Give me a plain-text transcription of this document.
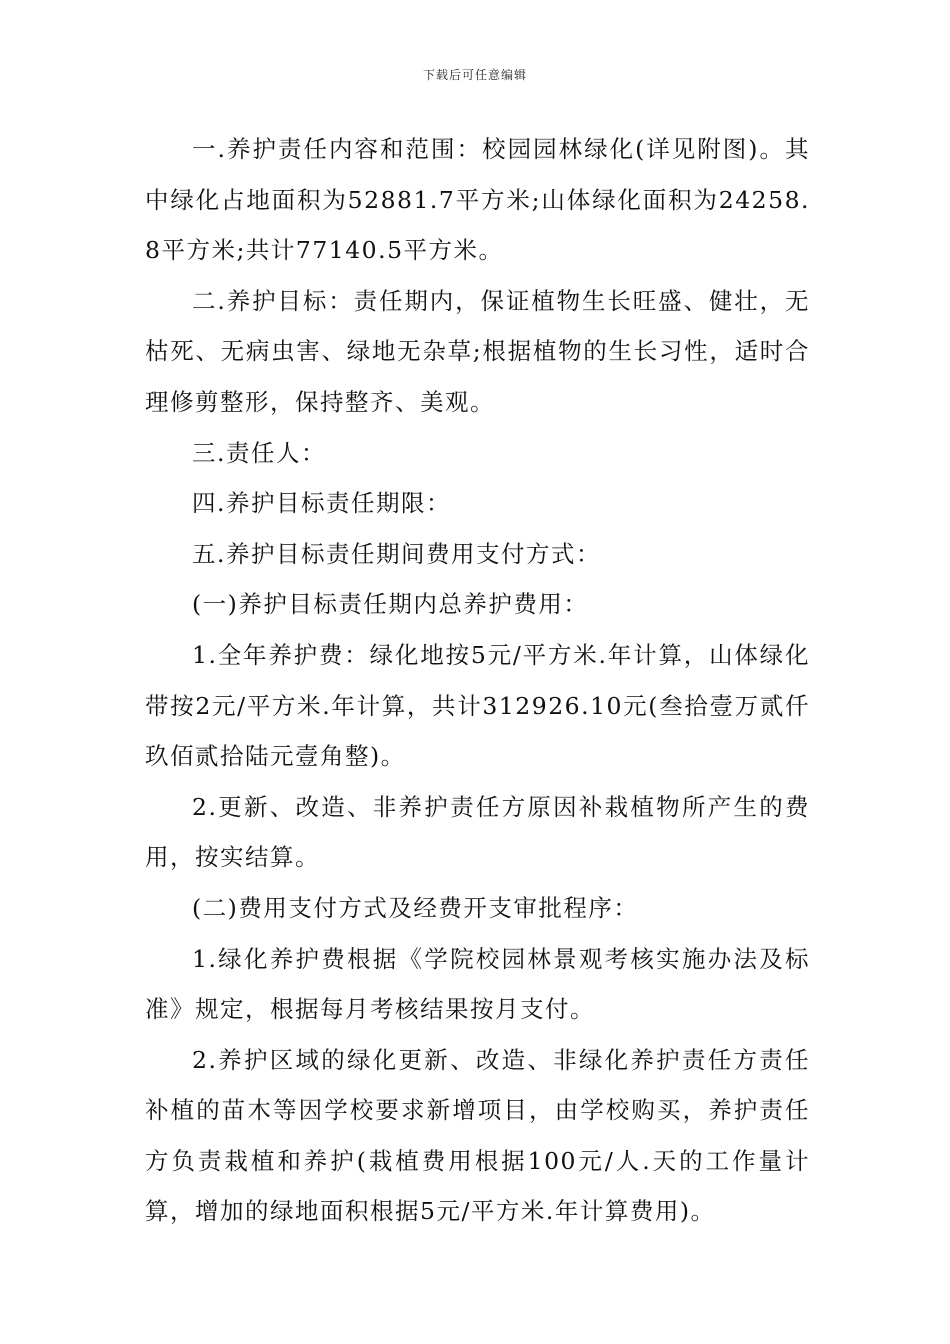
下载后可任意编辑

一.养护责任内容和范围：校园园林绿化(详见附图)。其中绿化占地面积为52881.7平方米;山体绿化面积为24258.8平方米;共计77140.5平方米。

二.养护目标：责任期内，保证植物生长旺盛、健壮，无枯死、无病虫害、绿地无杂草;根据植物的生长习性，适时合理修剪整形，保持整齐、美观。

三.责任人：

四.养护目标责任期限：

五.养护目标责任期间费用支付方式：

(一)养护目标责任期内总养护费用：

1.全年养护费：绿化地按5元/平方米.年计算，山体绿化带按2元/平方米.年计算，共计312926.10元(叁拾壹万贰仟玖佰贰拾陆元壹角整)。

2.更新、改造、非养护责任方原因补栽植物所产生的费用，按实结算。

(二)费用支付方式及经费开支审批程序：

1.绿化养护费根据《学院校园林景观考核实施办法及标准》规定，根据每月考核结果按月支付。

2.养护区域的绿化更新、改造、非绿化养护责任方责任补植的苗木等因学校要求新增项目，由学校购买，养护责任方负责栽植和养护(栽植费用根据100元/人.天的工作量计算，增加的绿地面积根据5元/平方米.年计算费用)。
